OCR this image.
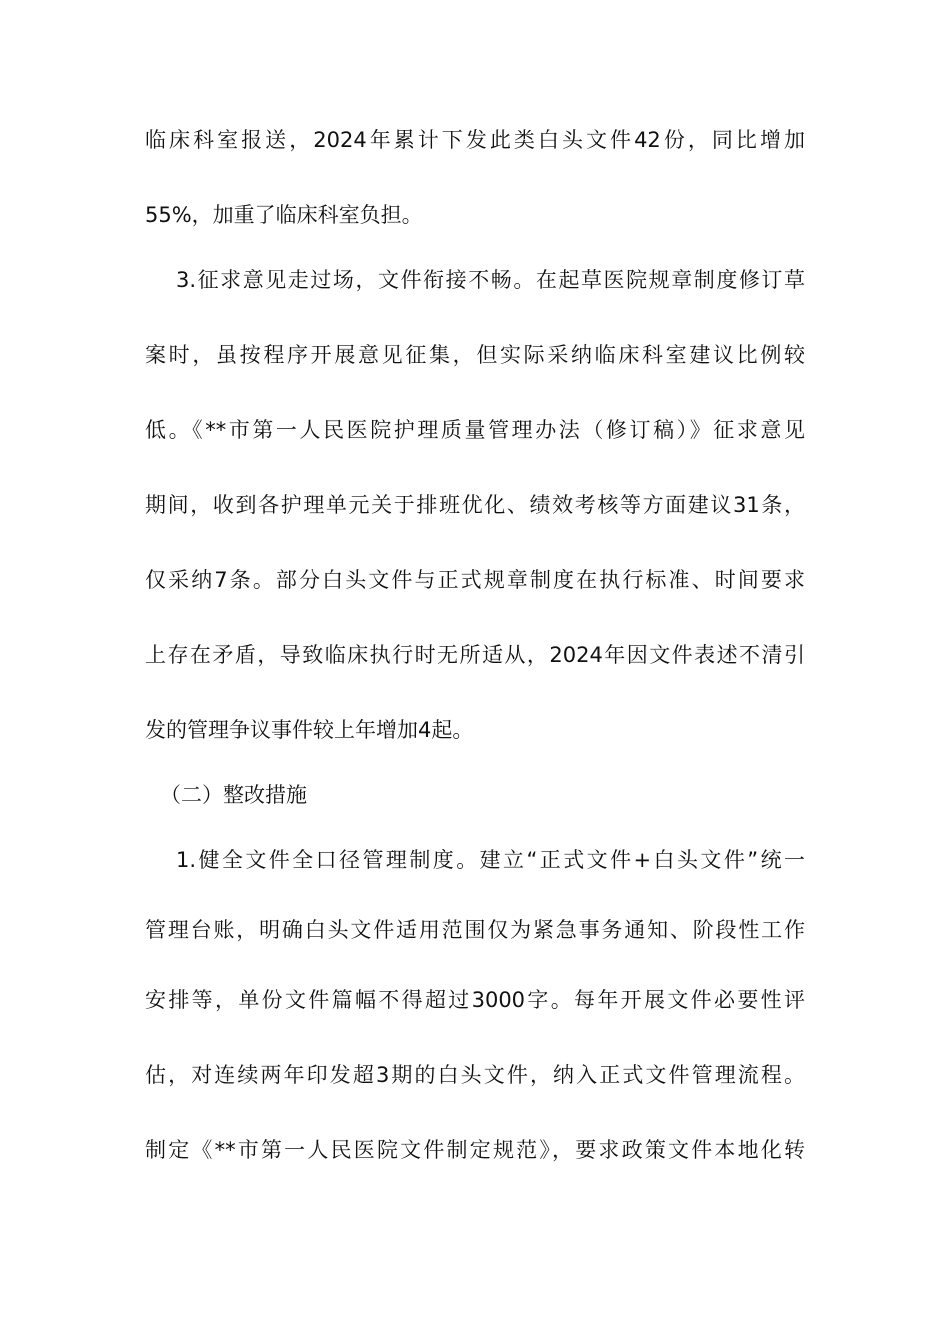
临床科室报送，2024年累计下发此类白头文件42份，同比增加
55%，加重了临床科室负担。
3.征求意见走过场，文件衔接不畅。在起草医院规章制度修订草
案时，虽按程序开展意见征集，但实际采纳临床科室建议比例较
低。《**市第一人民医院护理质量管理办法（修订稿）》征求意见
期间，收到各护理单元关于排班优化、绩效考核等方面建议31条，
仅采纳7条。部分白头文件与正式规章制度在执行标准、时间要求
上存在矛盾，导致临床执行时无所适从，2024年因文件表述不清引
发的管理争议事件较上年增加4起。
（二）整改措施
1.健全文件全口径管理制度。建立“正式文件+白头文件”统一
管理台账，明确白头文件适用范围仅为紧急事务通知、阶段性工作
安排等，单份文件篇幅不得超过3000字。每年开展文件必要性评
估，对连续两年印发超3期的白头文件，纳入正式文件管理流程。
制定《**市第一人民医院文件制定规范》，要求政策文件本地化转
